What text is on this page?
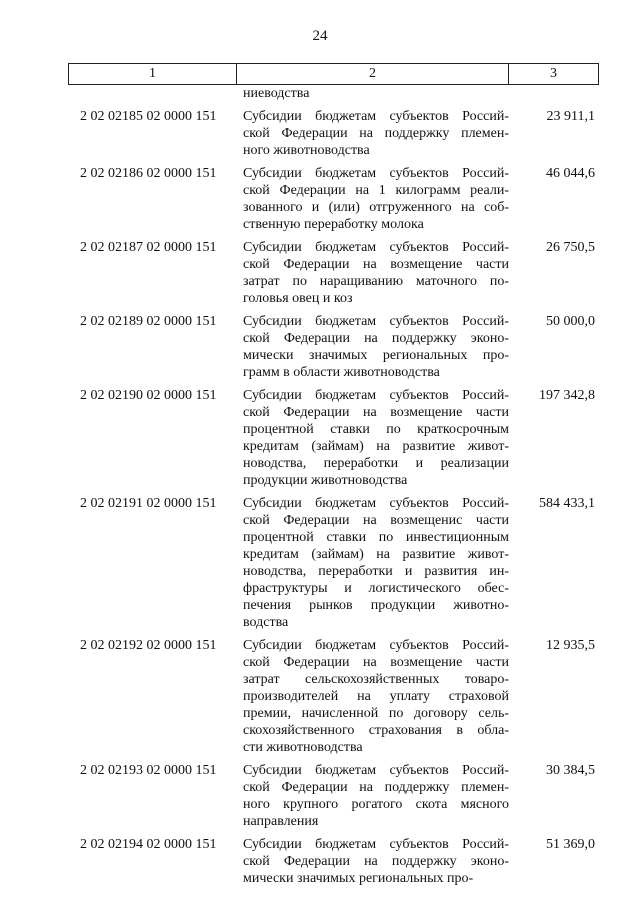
24
1	2	3
ниеводства
2 02 02185 02 0000 151	Субсидии бюджетам субъектов Россий-
ской Федерации на поддержку племен-
ного животноводства
23 911,1
2 02 02186 02 0000 151	Субсидии бюджетам субъектов Россий-
ской Федерации на 1 килограмм реали-
зованного и (или) отгруженного на соб-
ственную переработку молока
46 044,6
2 02 02187 02 0000 151	Субсидии бюджетам субъектов Россий-
ской Федерации на возмещение части
затрат по наращиванию маточного по-
головья овец и коз
26 750,5
2 02 02189 02 0000 151	Субсидии бюджетам субъектов Россий-
ской Федерации на поддержку эконо-
мически значимых региональных про-
грамм в области животноводства
50 000,0
2 02 02190 02 0000 151	Субсидии бюджетам субъектов Россий-
ской Федерации на возмещение части
процентной ставки по краткосрочным
кредитам (займам) на развитие живот-
новодства, переработки и реализации
продукции животноводства
197 342,8
2 02 02191 02 0000 151	Субсидии бюджетам субъектов Россий-
ской Федерации на возмещенис части
процентной ставки по инвестиционным
кредитам (займам) на развитие живот-
новодства, переработки и развития ин-
фраструктуры и логистического обес-
печения рынков продукции животно-
водства
584 433,1
2 02 02192 02 0000 151	Субсидии бюджетам субъектов Россий-
ской Федерации на возмещение части
затрат сельскохозяйственных товаро-
производителей на уплату страховой
премии, начисленной по договору сель-
скохозяйственного страхования в обла-
сти животноводства
12 935,5
2 02 02193 02 0000 151	Субсидии бюджетам субъектов Россий-
ской Федерации на поддержку племен-
ного крупного рогатого скота мясного
направления
30 384,5
2 02 02194 02 0000 151	Субсидии бюджетам субъектов Россий-
ской Федерации на поддержку эконо-
мически значимых региональных про-
51 369,0
